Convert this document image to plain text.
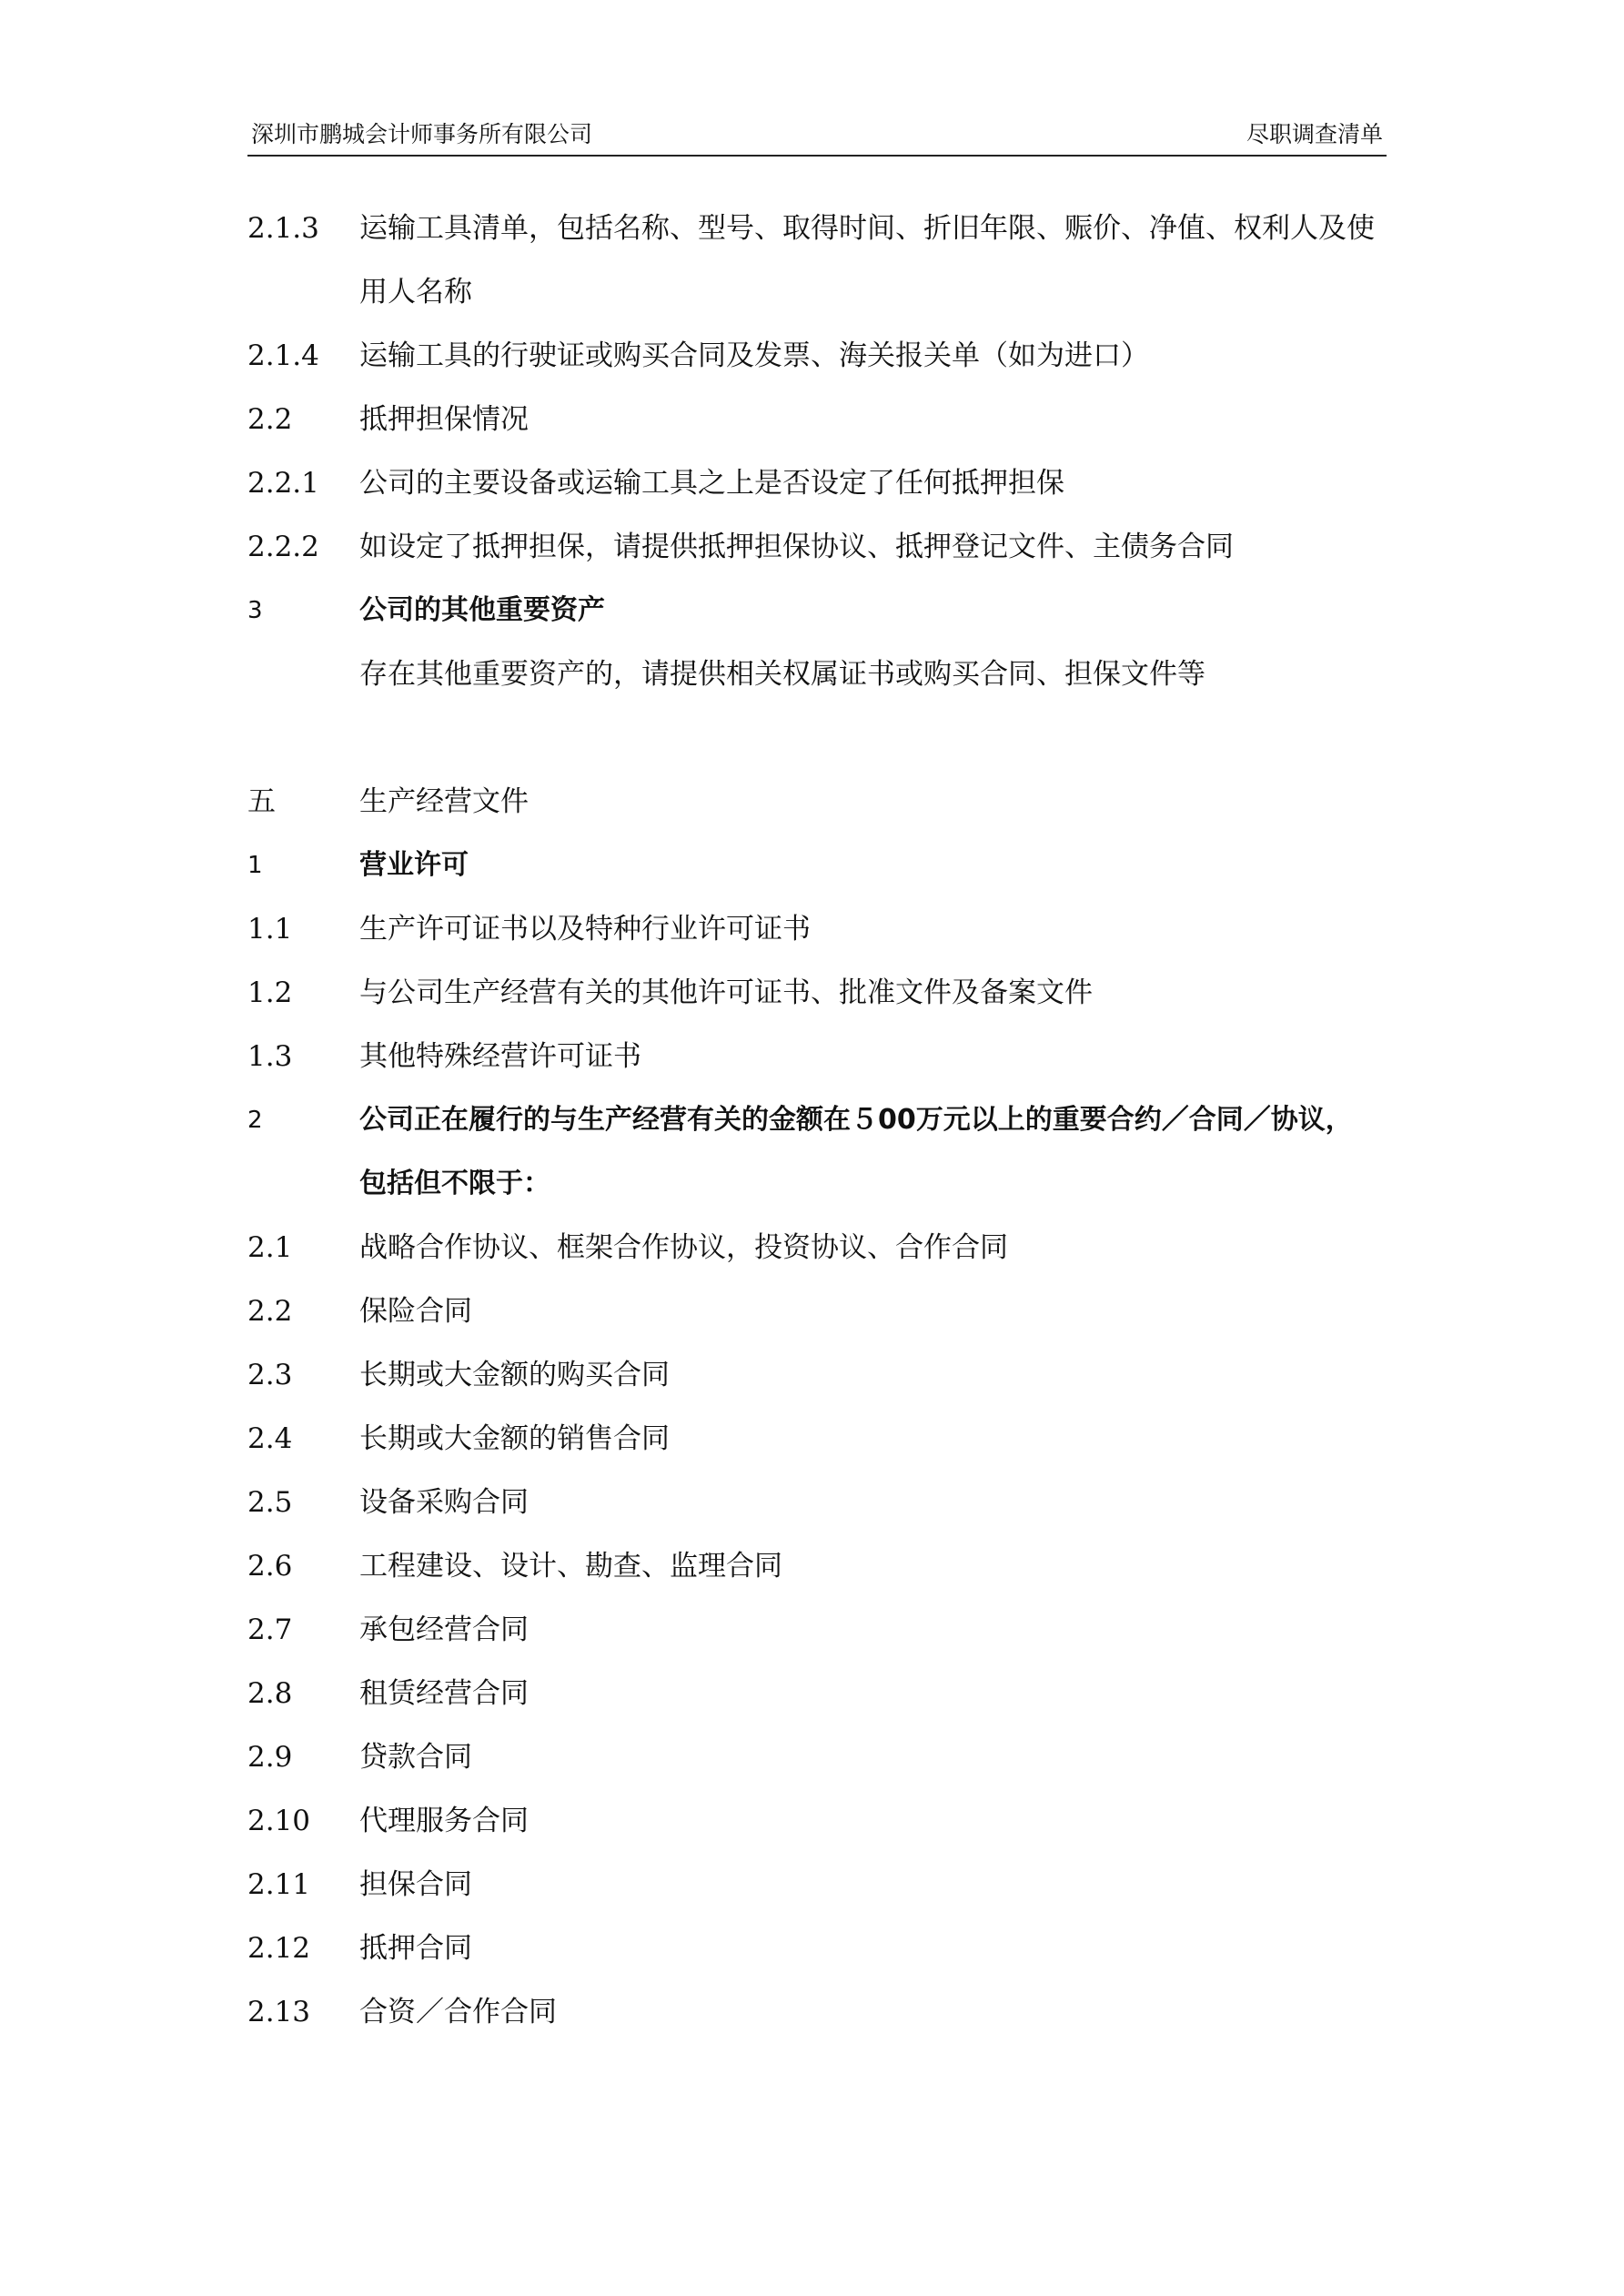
深圳市鹏城会计师事务所有限公司	尽职调查清单
2.1.3 运输工具清单，包括名称、型号、取得时间、折旧年限、赈价、净值、权利人及使
用人名称
2.1.4 运输工具的行驶证或购买合同及发票、海关报关单（如为进口）
2.2 抵押担保情况
2.2.1 公司的主要设备或运输工具之上是否设定了任何抵押担保
2.2.2 如设定了抵押担保，请提供抵押担保协议、抵押登记文件、主债务合同
3	公司的其他重要资产
存在其他重要资产的，请提供相关权属证书或购买合同、担保文件等
五	生产经营文件
1	营业许可
1.1 生产许可证书以及特种行业许可证书
1.2 与公司生产经营有关的其他许可证书、批准文件及备案文件
1.3 其他特殊经营许可证书
2	公司正在履行的与生产经营有关的金额在５00万元以上的重要合约／合同／协议，
包括但不限于：
2.1 战略合作协议、框架合作协议，投资协议、合作合同
2.2 保险合同
2.3 长期或大金额的购买合同
2.4 长期或大金额的销售合同
2.5 设备采购合同
2.6 工程建设、设计、勘查、监理合同
2.7 承包经营合同
2.8 租赁经营合同
2.9 贷款合同
2.10 代理服务合同
2.11 担保合同
2.12 抵押合同
2.13 合资／合作合同
